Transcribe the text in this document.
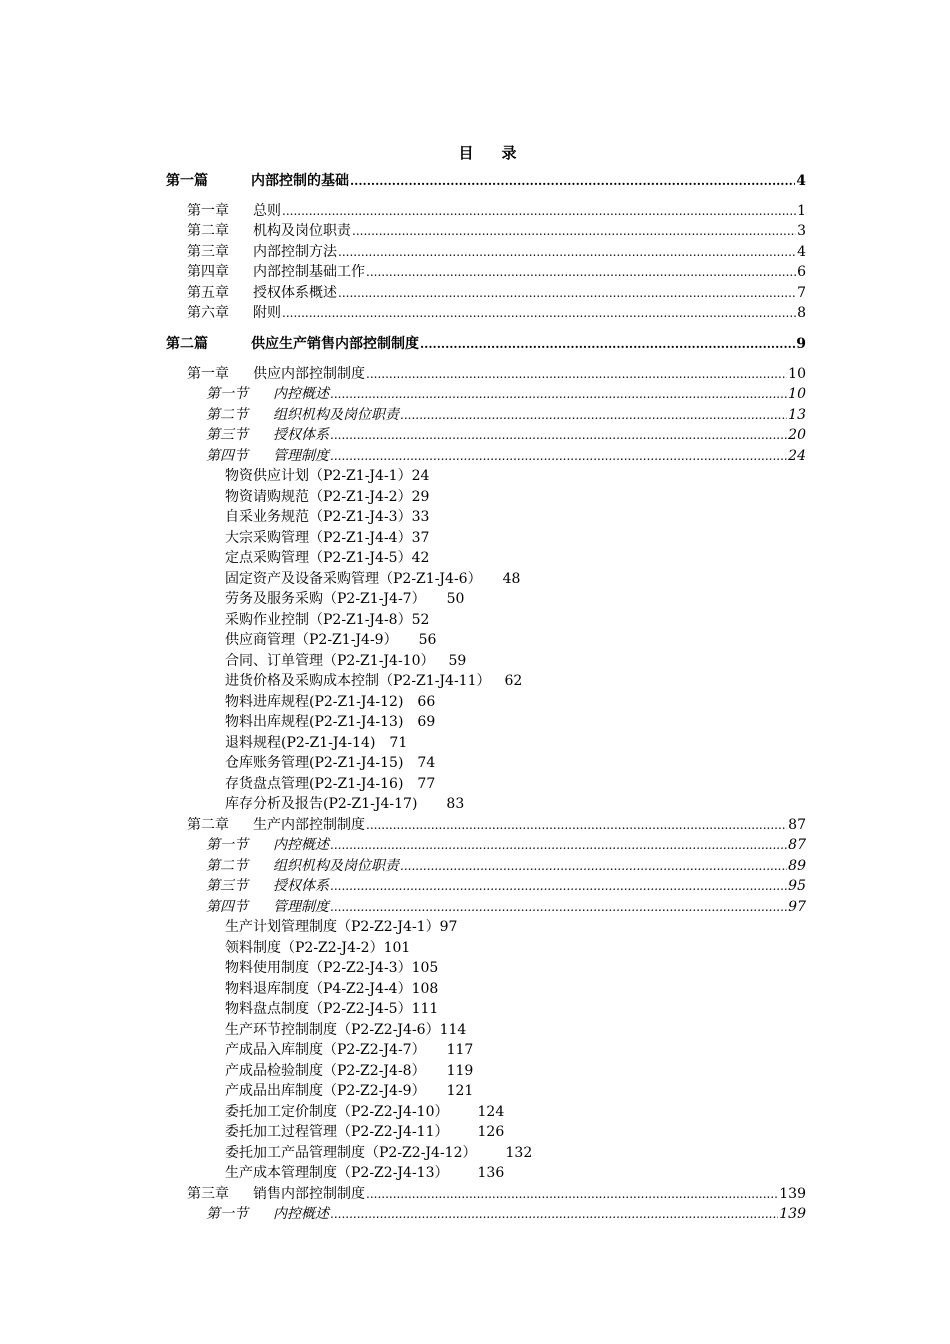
目 录
第一篇	内部控制的基础 .....	4
第一章	总则 .....	1
第二章	机构及岗位职责 .....	3
第三章	内部控制方法 .....	4
第四章	内部控制基础工作 .....	6
第五章	授权体系概述 .....	7
第六章	附则 .....	8
第二篇	供应生产销售内部控制制度 .....	9
第一章	供应内部控制制度 .....	10
第一节	内控概述 .....	10
第二节	组织机构及岗位职责 .....	13
第三节	授权体系 .....	20
第四节	管理制度 .....	24
物资供应计划（P2-Z1-J4-1） 24
物资请购规范（P2-Z1-J4-2） 29
自采业务规范（P2-Z1-J4-3） 33
大宗采购管理（P2-Z1-J4-4） 37
定点采购管理（P2-Z1-J4-5） 42
固定资产及设备采购管理（P2-Z1-J4-6） 48
劳务及服务采购（P2-Z1-J4-7） 50
采购作业控制（P2-Z1-J4-8） 52
供应商管理（P2-Z1-J4-9） 56
合同、订单管理（P2-Z1-J4-10） 59
进货价格及采购成本控制（P2-Z1-J4-11） 62
物料进库规程(P2-Z1-J4-12) 66
物料出库规程(P2-Z1-J4-13) 69
退料规程(P2-Z1-J4-14) 71
仓库账务管理(P2-Z1-J4-15) 74
存货盘点管理(P2-Z1-J4-16) 77
库存分析及报告(P2-Z1-J4-17) 83
第二章	生产内部控制制度 .....	87
第一节	内控概述 .....	87
第二节	组织机构及岗位职责 .....	89
第三节	授权体系 .....	95
第四节	管理制度 .....	97
生产计划管理制度（P2-Z2-J4-1） 97
领料制度（P2-Z2-J4-2） 101
物料使用制度（P2-Z2-J4-3） 105
物料退库制度（P4-Z2-J4-4） 108
物料盘点制度（P2-Z2-J4-5） 111
生产环节控制制度（P2-Z2-J4-6） 114
产成品入库制度（P2-Z2-J4-7） 117
产成品检验制度（P2-Z2-J4-8） 119
产成品出库制度（P2-Z2-J4-9） 121
委托加工定价制度（P2-Z2-J4-10） 124
委托加工过程管理（P2-Z2-J4-11） 126
委托加工产品管理制度（P2-Z2-J4-12） 132
生产成本管理制度（P2-Z2-J4-13） 136
第三章	销售内部控制制度 .....	139
第一节	内控概述 .....	139
